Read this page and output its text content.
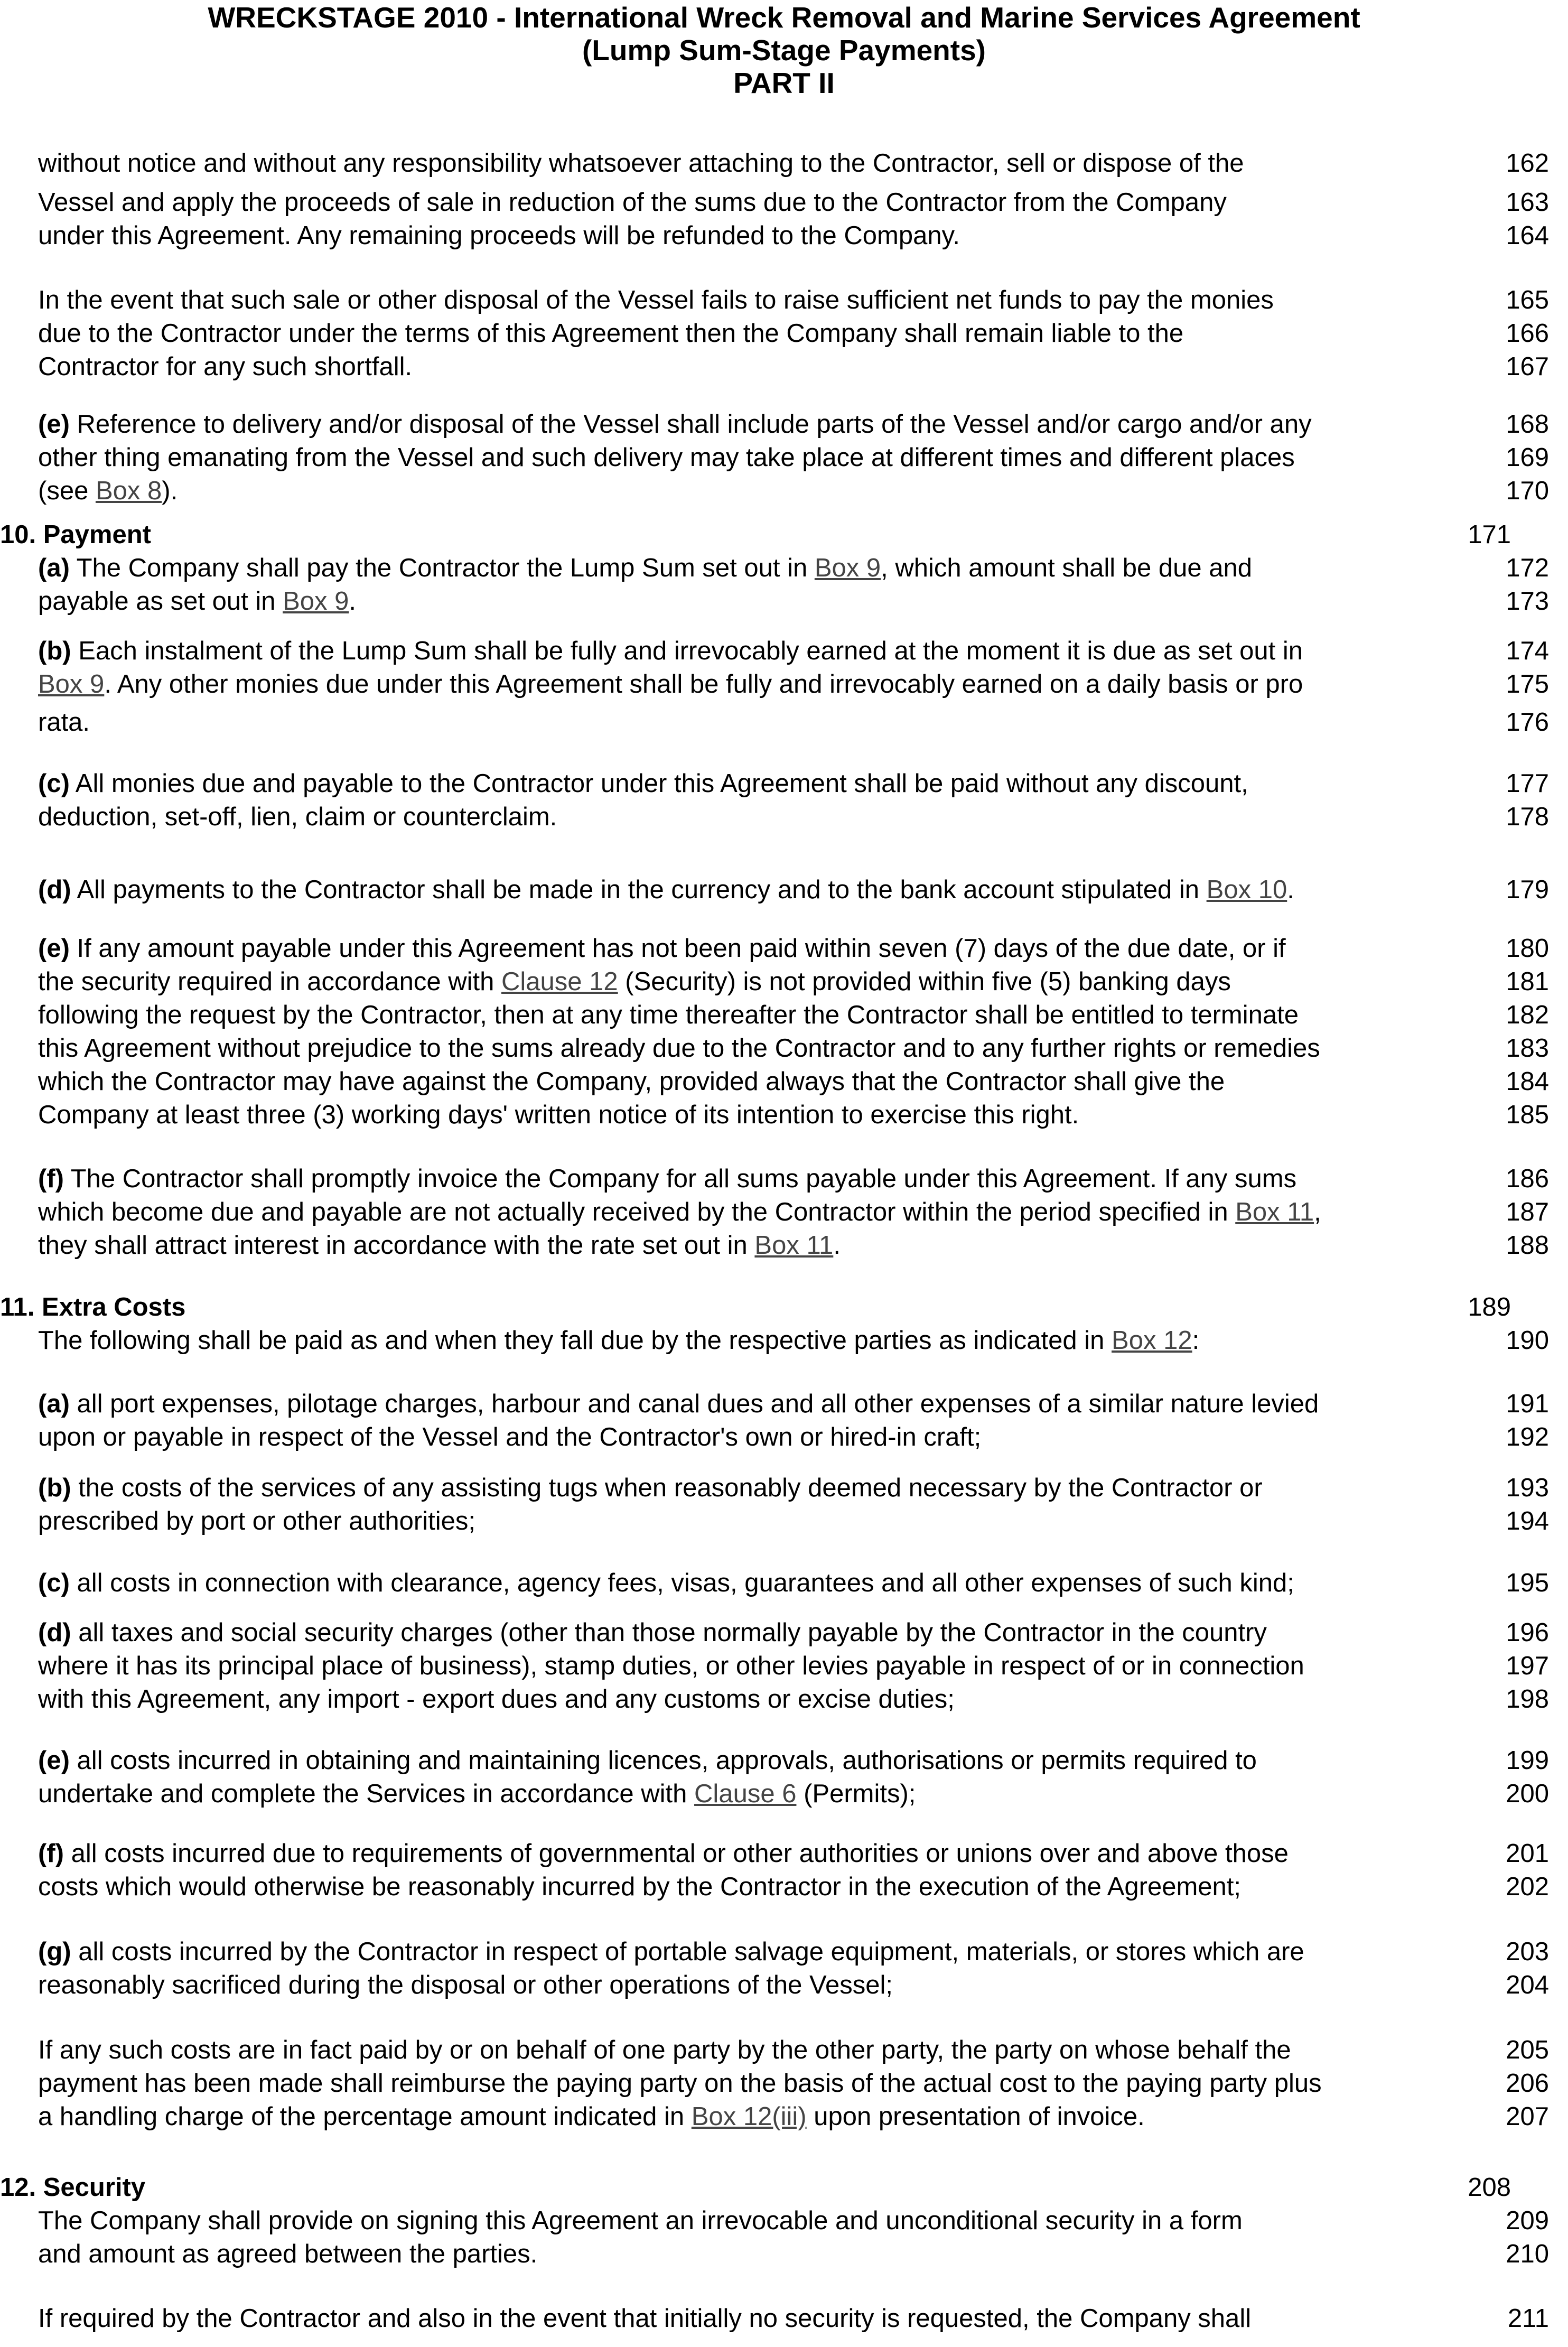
WRECKSTAGE 2010 - International Wreck Removal and Marine Services Agreement
(Lump Sum-Stage Payments)
PART II
without notice and without any responsibility whatsoever attaching to the Contractor, sell or dispose of the	162
Vessel and apply the proceeds of sale in reduction of the sums due to the Contractor from the Company	163
under this Agreement. Any remaining proceeds will be refunded to the Company.	164
In the event that such sale or other disposal of the Vessel fails to raise sufficient net funds to pay the monies	165
due to the Contractor under the terms of this Agreement then the Company shall remain liable to the	166
Contractor for any such shortfall.	167
(e) Reference to delivery and/or disposal of the Vessel shall include parts of the Vessel and/or cargo and/or any	168
other thing emanating from the Vessel and such delivery may take place at different times and different places	169
(see Box 8).	170
10. Payment	171
(a) The Company shall pay the Contractor the Lump Sum set out in Box 9, which amount shall be due and	172
payable as set out in Box 9.	173
(b) Each instalment of the Lump Sum shall be fully and irrevocably earned at the moment it is due as set out in	174
Box 9. Any other monies due under this Agreement shall be fully and irrevocably earned on a daily basis or pro	175
rata.	176
(c) All monies due and payable to the Contractor under this Agreement shall be paid without any discount,	177
deduction, set-off, lien, claim or counterclaim.	178
(d) All payments to the Contractor shall be made in the currency and to the bank account stipulated in Box 10.	179
(e) If any amount payable under this Agreement has not been paid within seven (7) days of the due date, or if	180
the security required in accordance with Clause 12 (Security) is not provided within five (5) banking days	181
following the request by the Contractor, then at any time thereafter the Contractor shall be entitled to terminate	182
this Agreement without prejudice to the sums already due to the Contractor and to any further rights or remedies	183
which the Contractor may have against the Company, provided always that the Contractor shall give the	184
Company at least three (3) working days' written notice of its intention to exercise this right.	185
(f) The Contractor shall promptly invoice the Company for all sums payable under this Agreement. If any sums	186
which become due and payable are not actually received by the Contractor within the period specified in Box 11,	187
they shall attract interest in accordance with the rate set out in Box 11.	188
11. Extra Costs	189
The following shall be paid as and when they fall due by the respective parties as indicated in Box 12:	190
(a) all port expenses, pilotage charges, harbour and canal dues and all other expenses of a similar nature levied	191
upon or payable in respect of the Vessel and the Contractor's own or hired-in craft;	192
(b) the costs of the services of any assisting tugs when reasonably deemed necessary by the Contractor or	193
prescribed by port or other authorities;	194
(c) all costs in connection with clearance, agency fees, visas, guarantees and all other expenses of such kind;	195
(d) all taxes and social security charges (other than those normally payable by the Contractor in the country	196
where it has its principal place of business), stamp duties, or other levies payable in respect of or in connection	197
with this Agreement, any import - export dues and any customs or excise duties;	198
(e) all costs incurred in obtaining and maintaining licences, approvals, authorisations or permits required to	199
undertake and complete the Services in accordance with Clause 6 (Permits);	200
(f) all costs incurred due to requirements of governmental or other authorities or unions over and above those	201
costs which would otherwise be reasonably incurred by the Contractor in the execution of the Agreement;	202
(g) all costs incurred by the Contractor in respect of portable salvage equipment, materials, or stores which are	203
reasonably sacrificed during the disposal or other operations of the Vessel;	204
If any such costs are in fact paid by or on behalf of one party by the other party, the party on whose behalf the	205
payment has been made shall reimburse the paying party on the basis of the actual cost to the paying party plus	206
a handling charge of the percentage amount indicated in Box 12(iii) upon presentation of invoice.	207
12. Security	208
The Company shall provide on signing this Agreement an irrevocable and unconditional security in a form	209
and amount as agreed between the parties.	210
If required by the Contractor and also in the event that initially no security is requested, the Company shall	211
